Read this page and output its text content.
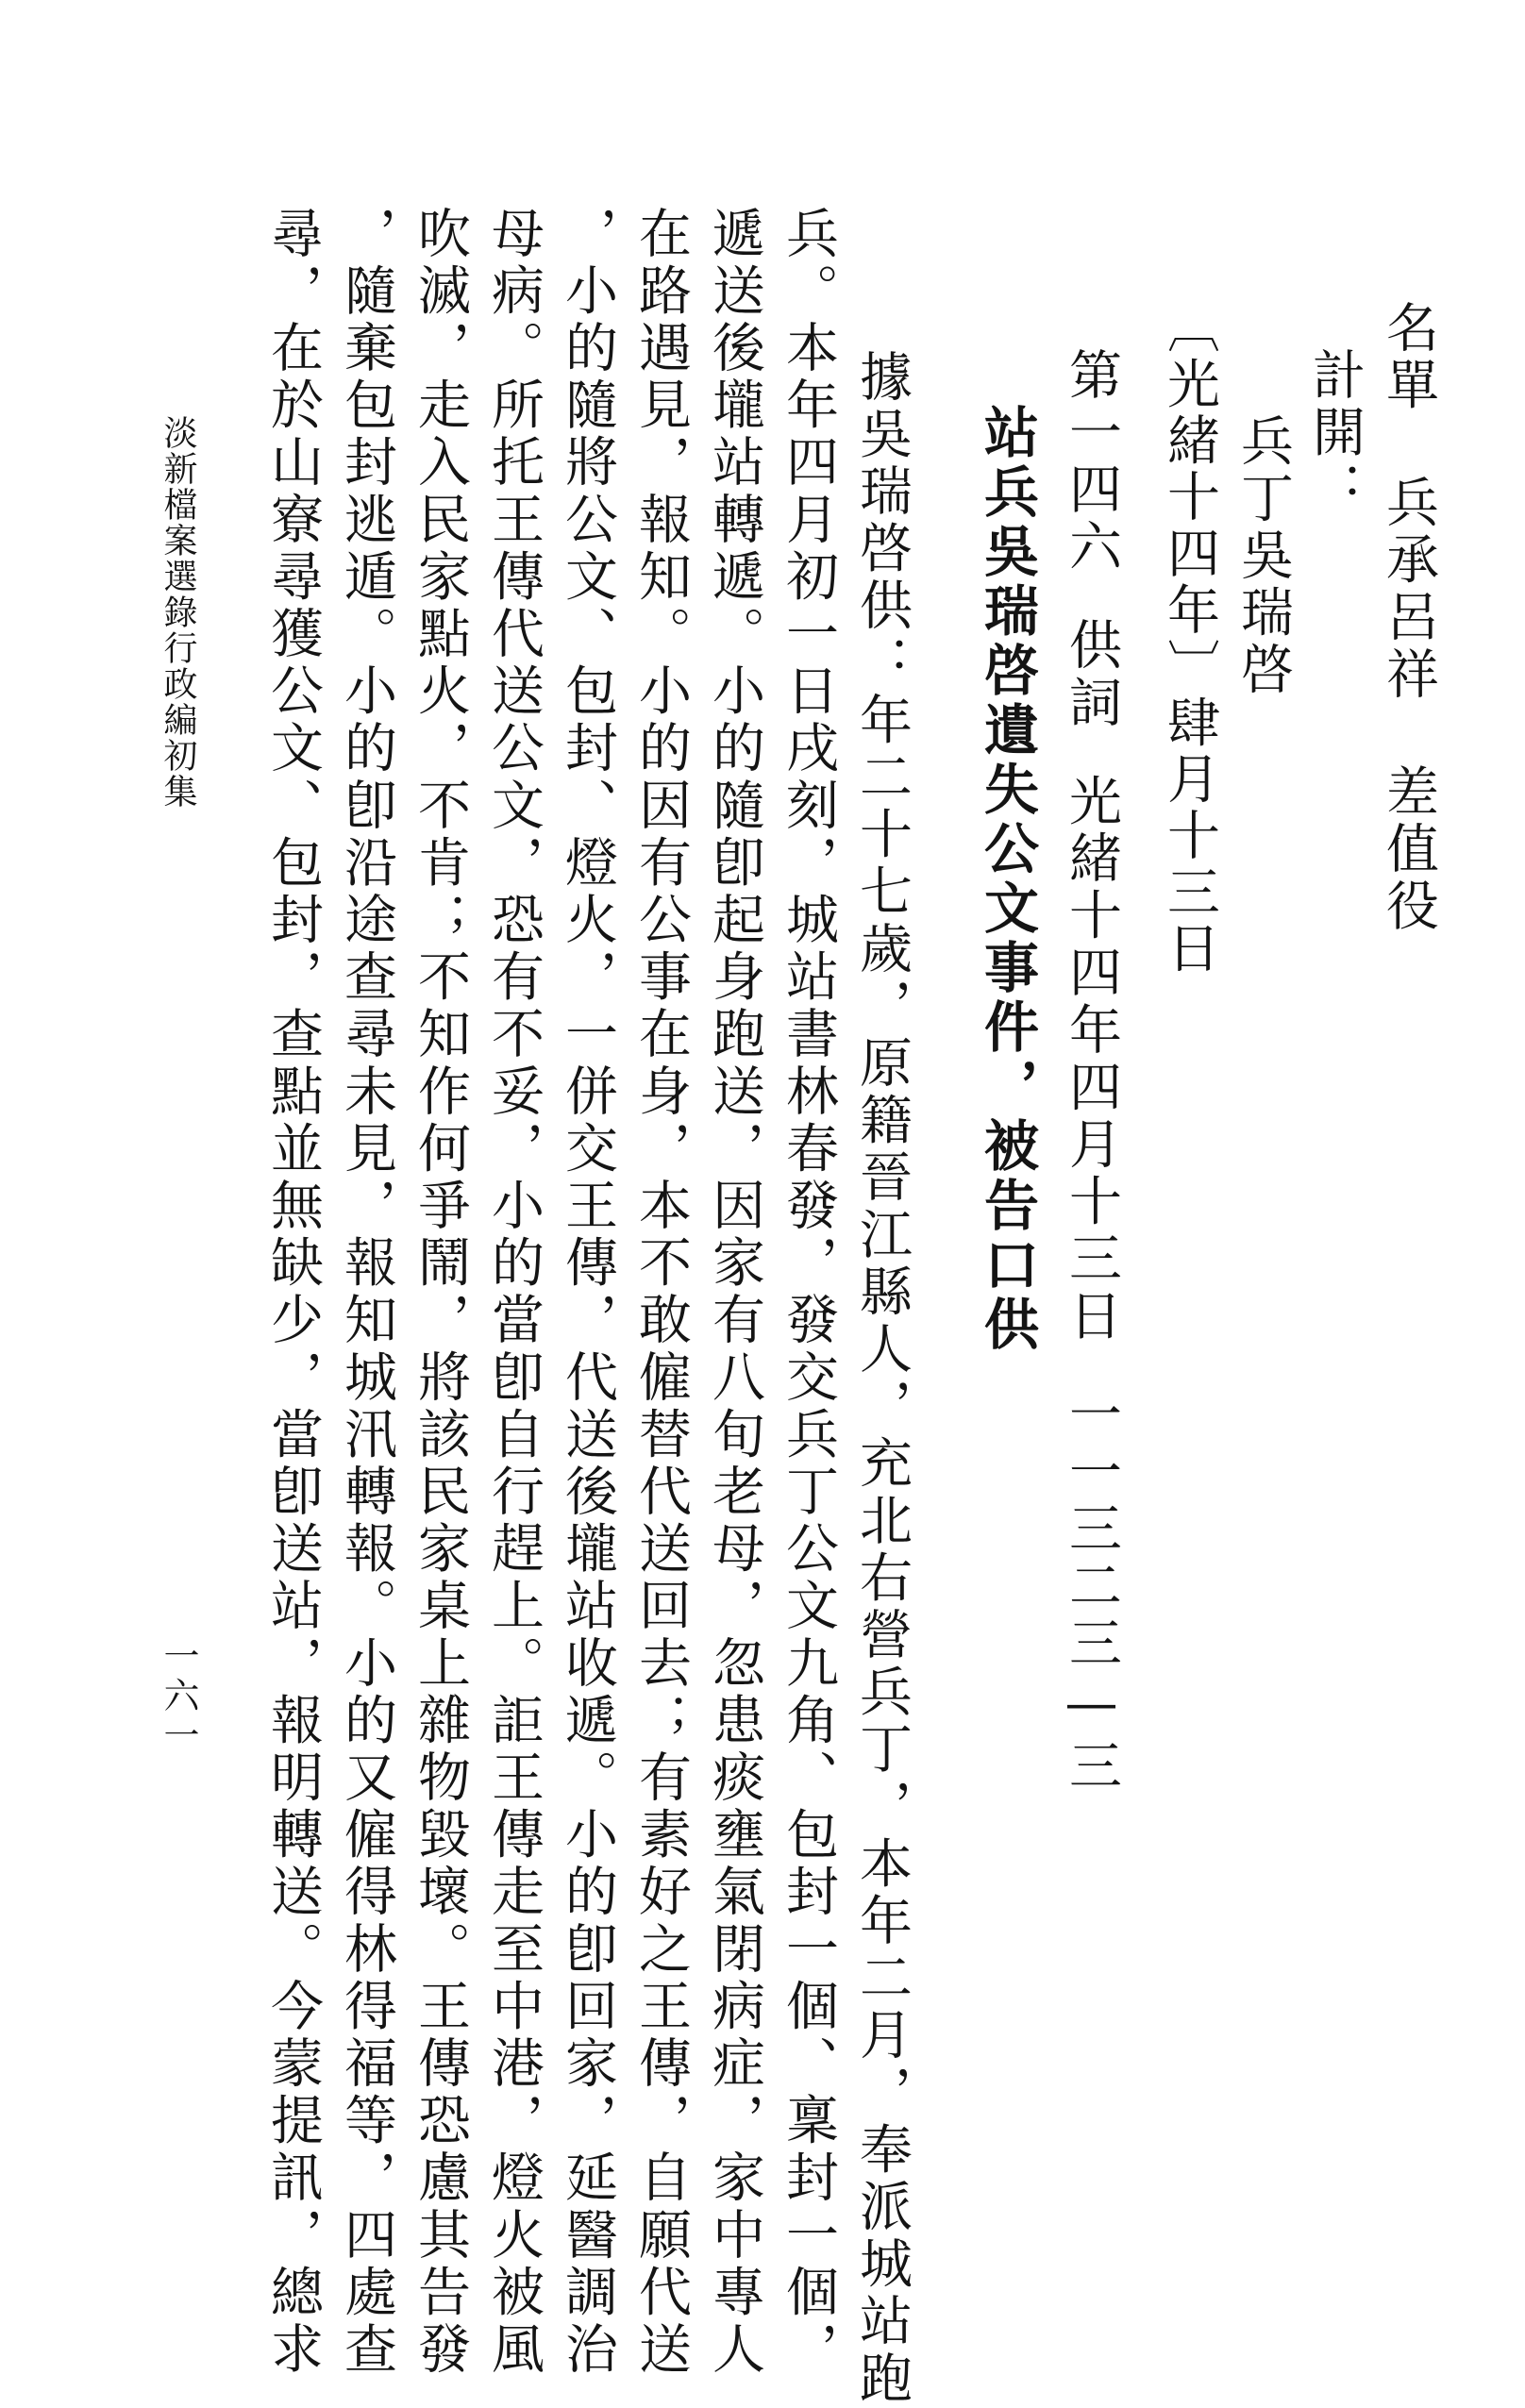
名單兵承呂祥差值役
計開：
兵丁吳瑞啓
〔光緒十四年〕肆月十三日
第一四六供詞光緒十四年四月十三日一一三二三—三
站兵吳瑞啓遺失公文事件，被告口供
據吳瑞啓供：年二十七歲，原籍晉江縣人，充北右營兵丁，本年二月，奉派城站跑
兵。本年四月初一日戌刻，城站書林春發，發交兵丁公文九角、包封一個、稟封一個，
遞送後壠站轉遞。小的隨卽起身跑送，因家有八旬老母，忽患痰壅氣閉病症，家中專人
在路遇見，報知。小的因有公事在身，本不敢僱替代送回去；有素好之王傳，自願代送
，小的隨將公文、包封、燈火，一併交王傳，代送後壠站收遞。小的卽回家，延醫調治
母病。所托王傳代送公文，恐有不妥，小的當卽自行趕上。詎王傳走至中港，燈火被風
吹滅，走入民家點火，不肯；不知作何爭鬧，將該民家桌上雜物毀壞。王傳恐慮其告發
，隨棄包封逃遁。小的卽沿途查尋未見，報知城汛轉報。小的又僱得林得福等，四處查
尋，在於山寮尋獲公文、包封，查點並無缺少，當卽送站，報明轉送。今蒙提訊，總求
淡新檔案選錄行政編初集
一六一
